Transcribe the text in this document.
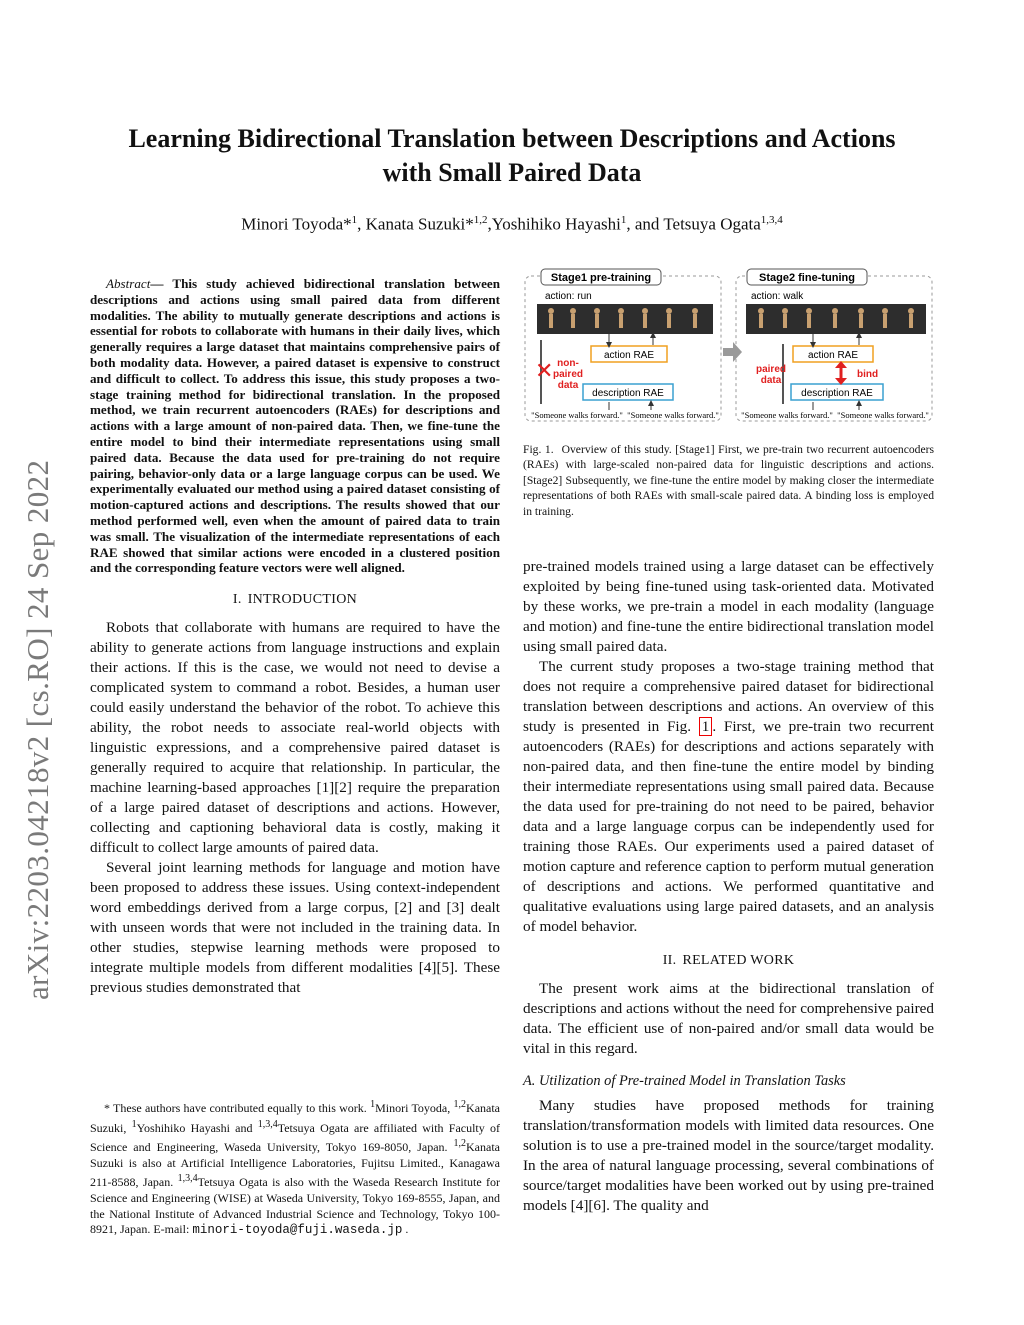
arXiv:2203.04218v2 [cs.RO] 24 Sep 2022
Learning Bidirectional Translation between Descriptions and Actions
with Small Paired Data
Minori Toyoda*$^1$, Kanata Suzuki*$^{1,2}$,Yoshihiko Hayashi$^1$, and Tetsuya Ogata$^{1,3,4}$

Abstract— This study achieved bidirectional translation between descriptions and actions using small paired data from different modalities. The ability to mutually generate descriptions and actions is essential for robots to collaborate with humans in their daily lives, which generally requires a large dataset that maintains comprehensive pairs of both modality data. However, a paired dataset is expensive to construct and difficult to collect. To address this issue, this study proposes a two-stage training method for bidirectional translation. In the proposed method, we train recurrent autoencoders (RAEs) for descriptions and actions with a large amount of non-paired data. Then, we fine-tune the entire model to bind their intermediate representations using small paired data. Because the data used for pre-training do not require pairing, behavior-only data or a large language corpus can be used. We experimentally evaluated our method using a paired dataset consisting of motion-captured actions and descriptions. The results showed that our method performed well, even when the amount of paired data to train was small. The visualization of the intermediate representations of each RAE showed that similar actions were encoded in a clustered position and the corresponding feature vectors were well aligned.

I. INTRODUCTION

Robots that collaborate with humans are required to have the ability to generate actions from language instructions and explain their actions. If this is the case, we would not need to devise a complicated system to command a robot. Besides, a human user could easily understand the behavior of the robot. To achieve this ability, the robot needs to associate real-world objects with linguistic expressions, and a comprehensive paired dataset is generally required to acquire that relationship. In particular, the machine learning-based approaches [1][2] require the preparation of a large paired dataset of descriptions and actions. However, collecting and captioning behavioral data is costly, making it difficult to collect large amounts of paired data.

Several joint learning methods for language and motion have been proposed to address these issues. Using context-independent word embeddings derived from a large corpus, [2] and [3] dealt with unseen words that were not included in the training data. In other studies, stepwise learning methods were proposed to integrate multiple models from different modalities [4][5]. These previous studies demonstrated that

* These authors have contributed equally to this work. $^1$Minori Toyoda, $^{1,2}$Kanata Suzuki, $^1$Yoshihiko Hayashi and $^{1,3,4}$Tetsuya Ogata are affiliated with Faculty of Science and Engineering, Waseda University, Tokyo 169-8050, Japan. $^{1,2}$Kanata Suzuki is also at Artificial Intelligence Laboratories, Fujitsu Limited., Kanagawa 211-8588, Japan. $^{1,3,4}$Tetsuya Ogata is also with the Waseda Research Institute for Science and Engineering (WISE) at Waseda University, Tokyo 169-8555, Japan, and the National Institute of Advanced Industrial Science and Technology, Tokyo 100-8921, Japan. E-mail: minori-toyoda@fuji.waseda.jp .

Stage1 pre-training
action: run
action RAE
description RAE
✕ non-
paired
data
"Someone walks forward." "Someone walks forward."
Stage2 fine-tuning
action: walk
action RAE
description RAE
bind
paired
data
"Someone walks forward." "Someone walks forward."
Fig. 1. Overview of this study. [Stage1] First, we pre-train two recurrent autoencoders (RAEs) with large-scaled non-paired data for linguistic descriptions and actions. [Stage2] Subsequently, we fine-tune the entire model by making closer the intermediate representations of both RAEs with small-scale paired data. A binding loss is employed in training.

pre-trained models trained using a large dataset can be effectively exploited by being fine-tuned using task-oriented data. Motivated by these works, we pre-train a model in each modality (language and motion) and fine-tune the entire bidirectional translation model using small paired data.

The current study proposes a two-stage training method that does not require a comprehensive paired dataset for bidirectional translation between descriptions and actions. An overview of this study is presented in Fig. 1 . First, we pre-train two recurrent autoencoders (RAEs) for descriptions and actions separately with non-paired data, and then fine-tune the entire model by binding their intermediate representations using small paired data. Because the data used for pre-training do not need to be paired, behavior data and a large language corpus can be independently used for training those RAEs. Our experiments used a paired dataset of motion capture and reference caption to perform mutual generation of descriptions and actions. We performed quantitative and qualitative evaluations using large paired datasets, and an analysis of model behavior.

II. RELATED WORK

The present work aims at the bidirectional translation of descriptions and actions without the need for comprehensive paired data. The efficient use of non-paired and/or small data would be vital in this regard.

A. Utilization of Pre-trained Model in Translation Tasks

Many studies have proposed methods for training translation/transformation models with limited data resources. One solution is to use a pre-trained model in the source/target modality. In the area of natural language processing, several combinations of source/target modalities have been worked out by using pre-trained models [4][6]. The quality and
